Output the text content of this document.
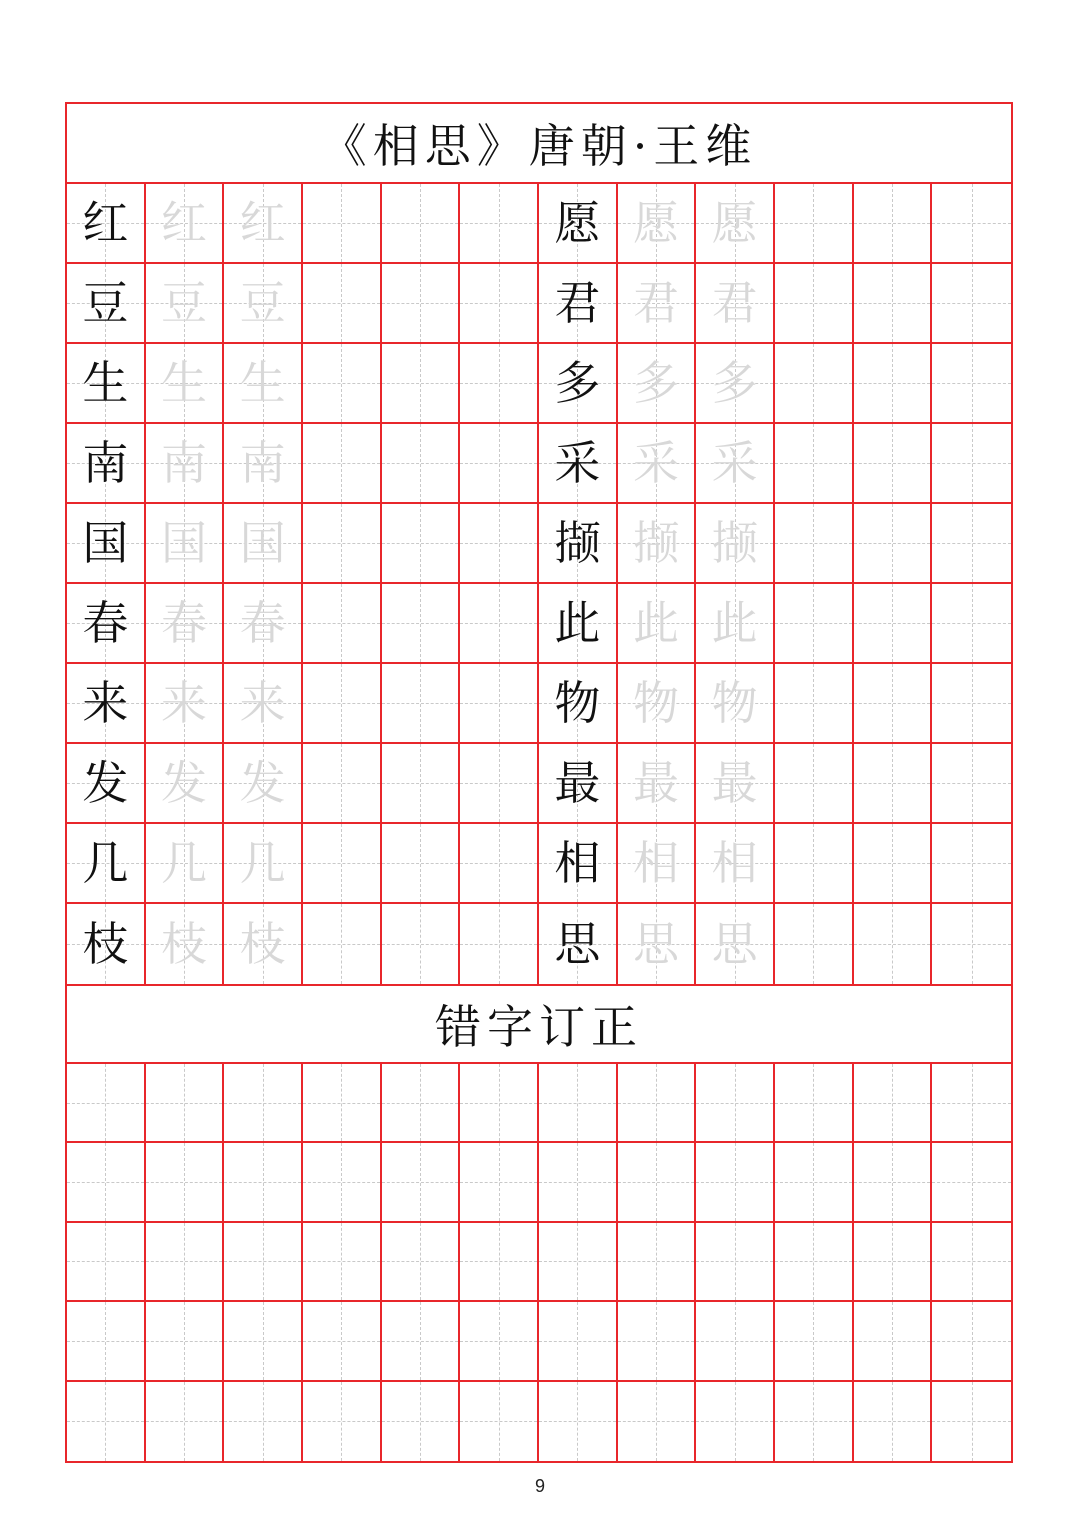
《相思》唐朝·王维
红 红 红	愿 愿 愿
豆 豆 豆	君 君 君
生 生 生	多 多 多
南 南 南	采 采 采
国 国 国	撷 撷 撷
春 春 春	此 此 此
来 来 来	物 物 物
发 发 发	最 最 最
几 几 几	相 相 相
枝 枝 枝	思 思 思
错字订正
9
